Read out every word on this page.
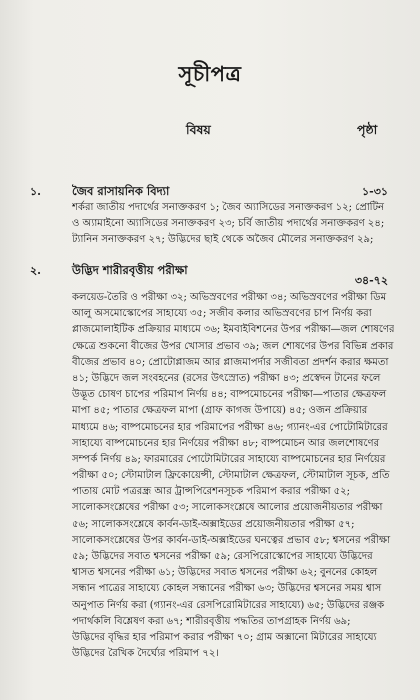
সূচীপত্র
বিষয়	পৃষ্ঠা
১.	জৈব রাসায়নিক বিদ্যা	১-৩১
শর্করা জাতীয় পদার্থের সনাক্তকরণ ১; জৈব অ্যাসিডের সনাক্তকরণ ১২; প্রোটিন
ও অ্যামাইনো অ্যাসিডের সনাক্তকরণ ২৩; চর্বি জাতীয় পদার্থের সনাক্তকরণ ২৪;
ট্যানিন সনাক্তকরণ ২৭; উদ্ভিদের ছাই থেকে অজৈব মৌলের সনাক্তকরণ ২৯;
২.	উদ্ভিদ শারীরবৃত্তীয় পরীক্ষা
৩৪-৭২
কলয়েড-তৈরি ও পরীক্ষা ৩২; অভিস্রবণের পরীক্ষা ৩৪; অভিস্রবণের পরীক্ষা ডিম
আলু অসমোস্কোপের সাহায্যে ৩৫; সজীব কলার অভিস্রবণের চাপ নির্ণয় করা
প্লাজমোলাইটিক প্রক্রিয়ার মাধ্যমে ৩৬; ইমবাইবিশনের উপর পরীক্ষা—জল শোষণের
ক্ষেত্রে শুকনো বীজের উপর খোসার প্রভাব ৩৯; জল শোষণের উপর বিভিন্ন প্রকার
বীজের প্রভাব ৪০; প্রোটোপ্লাজম আর প্লাজমাপর্দার সজীবতা প্রদর্শন করার ক্ষমতা
৪১; উদ্ভিদে জল সংবহনের (রসের উৎস্রোত) পরীক্ষা ৪৩; প্রস্বেদন টানের ফলে
উদ্ভূত চোষণ চাপের পরিমাপ নির্ণয় ৪৪; বাষ্পমোচনের পরীক্ষা—পাতার ক্ষেত্রফল
মাপা ৪৫; পাতার ক্ষেত্রফল মাপা (গ্রাফ কাগজ উপায়ে) ৪৫; ওজন প্রক্রিয়ার
মাধ্যমে ৪৬; বাষ্পমোচনের হার পরিমাপের পরীক্ষা ৪৬; গ্যানং-এর পোটোমিটারের
সাহায্যে বাষ্পমোচনের হার নির্ণয়ের পরীক্ষা ৪৮; বাষ্পমোচন আর জলশোষণের
সম্পর্ক নির্ণয় ৪৯; ফারমারের পোটোমিটারের সাহায্যে বাষ্পমোচনের হার নির্ণয়ের
পরীক্ষা ৫০; স্টোমাটাল ফ্রিকোয়েন্সী, স্টোমাটাল ক্ষেত্রফল, স্টোমাটাল সূচক, প্রতি
পাতায় মোট পত্ররন্ধ্র আর ট্রান্সপিরেশনসূচক পরিমাপ করার পরীক্ষা ৫২;
সালোকসংশ্লেষের পরীক্ষা ৫৩; সালোকসংশ্লেষে আলোর প্রয়োজনীয়তার পরীক্ষা
৫৬; সালোকসংশ্লেষে কার্বন-ডাই-অক্সাইডের প্রয়োজনীয়তার পরীক্ষা ৫৭;
সালোকসংশ্লেষের উপর কার্বন-ডাই-অক্সাইডের ঘনত্বের প্রভাব ৫৮; শ্বসনের পরীক্ষা
৫৯; উদ্ভিদের সবাত শ্বসনের পরীক্ষা ৫৯; রেসপিরোস্কোপের সাহায্যে উদ্ভিদের
শ্বাসত শ্বসনের পরীক্ষা ৬১; উদ্ভিদের সবাত শ্বসনের পরীক্ষা ৬২; বুননের কোহল
সন্ধান পাত্রের সাহায্যে কোহল সন্ধানের পরীক্ষা ৬৩; উদ্ভিদের শ্বসনের সময় শ্বাস
অনুপাত নির্ণয় করা (গ্যানং-এর রেসপিরোমিটারের সাহায্যে) ৬৫; উদ্ভিদের রঞ্জক
পদার্থকলি বিশ্লেষণ করা ৬৭; শারীরবৃত্তীয় পদ্ধতির তাপগ্রাহক নির্ণয় ৬৯;
উদ্ভিদের বৃদ্ধির হার পরিমাপ করার পরীক্ষা ৭০; গ্রাম অক্সানো মিটারের সাহায্যে
উদ্ভিদের রৈখিক দৈর্ঘ্যের পরিমাপ ৭২।
